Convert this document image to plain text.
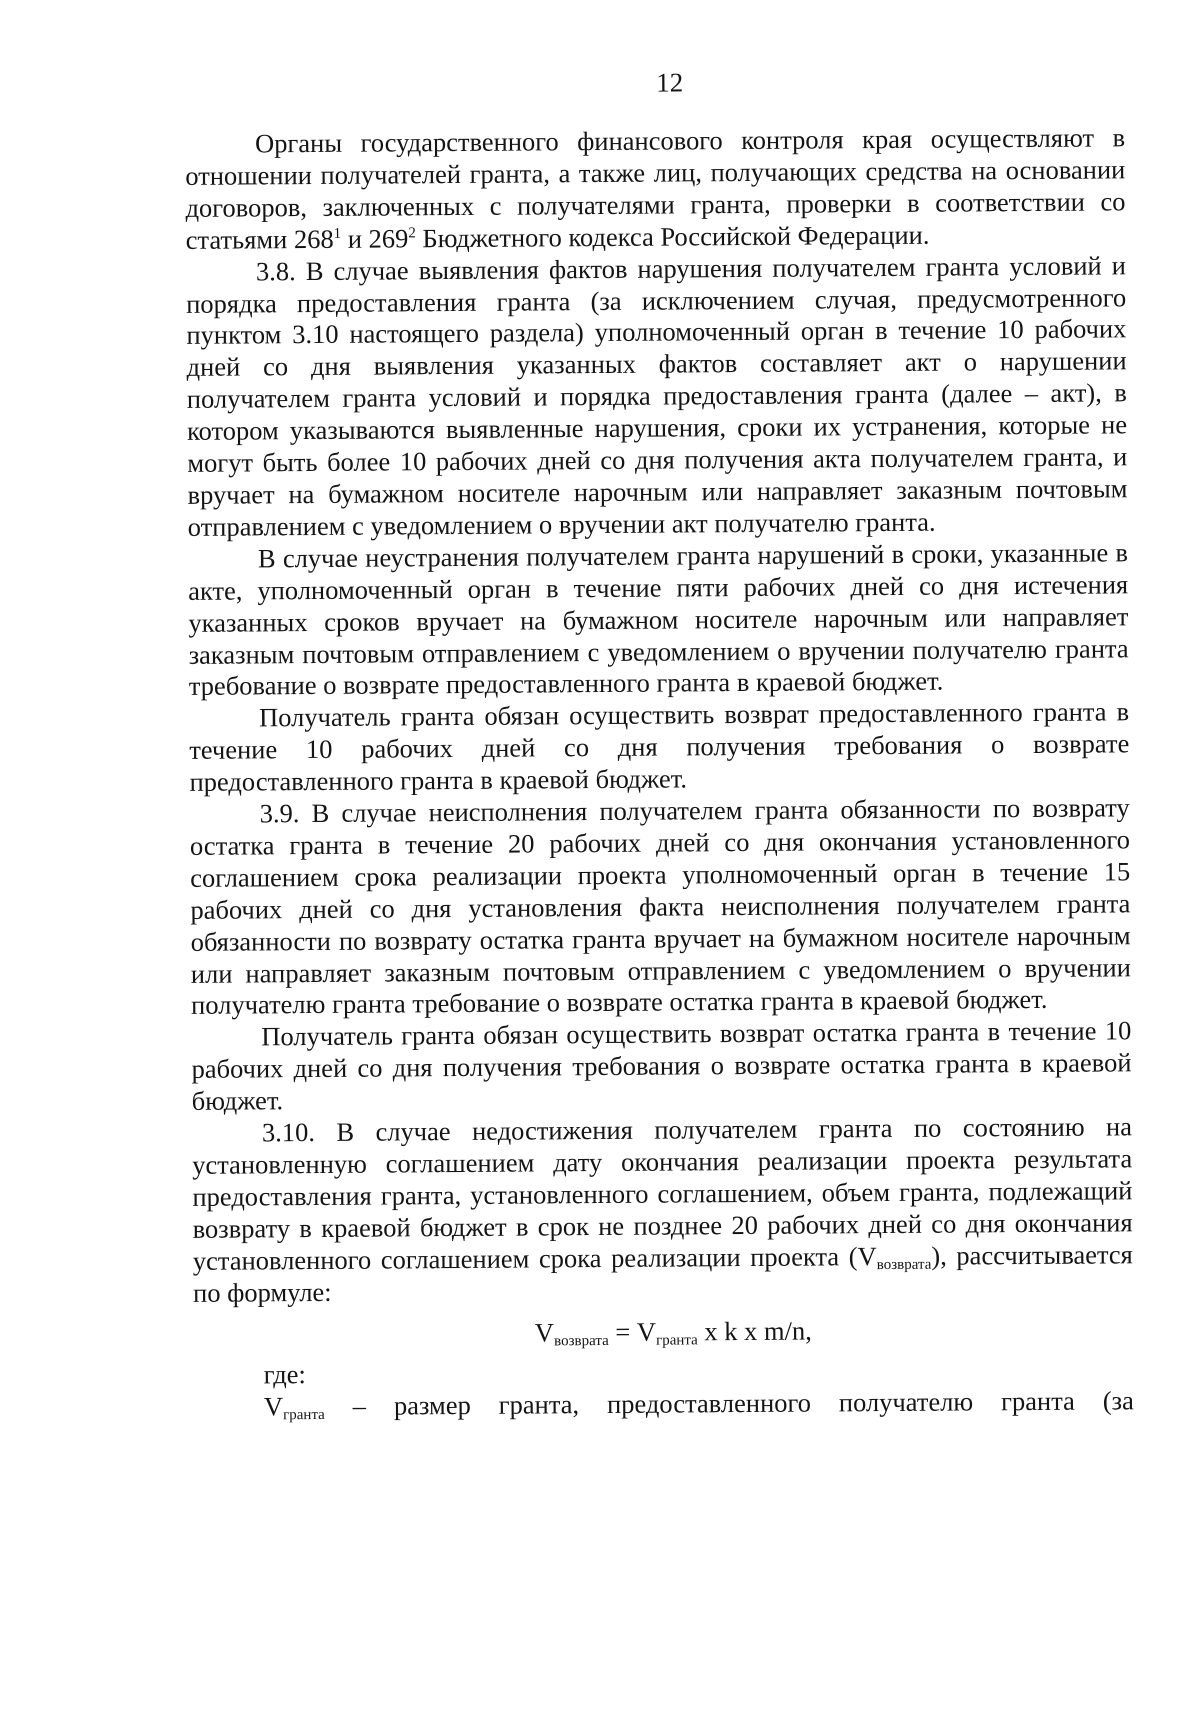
12

Органы государственного финансового контроля края осуществляют в отношении получателей гранта, а также лиц, получающих средства на основании договоров, заключенных с получателями гранта, проверки в соответствии со статьями $268^1$ и $269^2$ Бюджетного кодекса Российской Федерации.

3.8. В случае выявления фактов нарушения получателем гранта условий и порядка предоставления гранта (за исключением случая, предусмотренного пунктом 3.10 настоящего раздела) уполномоченный орган в течение 10 рабочих дней со дня выявления указанных фактов составляет акт о нарушении получателем гранта условий и порядка предоставления гранта (далее – акт), в котором указываются выявленные нарушения, сроки их устранения, которые не могут быть более 10 рабочих дней со дня получения акта получателем гранта, и вручает на бумажном носителе нарочным или направляет заказным почтовым отправлением с уведомлением о вручении акт получателю гранта.

В случае неустранения получателем гранта нарушений в сроки, указанные в акте, уполномоченный орган в течение пяти рабочих дней со дня истечения указанных сроков вручает на бумажном носителе нарочным или направляет заказным почтовым отправлением с уведомлением о вручении получателю гранта требование о возврате предоставленного гранта в краевой бюджет.

Получатель гранта обязан осуществить возврат предоставленного гранта в течение 10 рабочих дней со дня получения требования о возврате предоставленного гранта в краевой бюджет.

3.9. В случае неисполнения получателем гранта обязанности по возврату остатка гранта в течение 20 рабочих дней со дня окончания установленного соглашением срока реализации проекта уполномоченный орган в течение 15 рабочих дней со дня установления факта неисполнения получателем гранта обязанности по возврату остатка гранта вручает на бумажном носителе нарочным или направляет заказным почтовым отправлением с уведомлением о вручении получателю гранта требование о возврате остатка гранта в краевой бюджет.

Получатель гранта обязан осуществить возврат остатка гранта в течение 10 рабочих дней со дня получения требования о возврате остатка гранта в краевой бюджет.

3.10. В случае недостижения получателем гранта по состоянию на установленную соглашением дату окончания реализации проекта результата предоставления гранта, установленного соглашением, объем гранта, подлежащий возврату в краевой бюджет в срок не позднее 20 рабочих дней со дня окончания установленного соглашением срока реализации проекта $(V_{возврата})$, рассчитывается по формуле:

$V_{возврата} = V_{гранта}$ x k x m/n,

где:

$V_{гранта}$ – размер гранта, предоставленного получателю гранта (за
